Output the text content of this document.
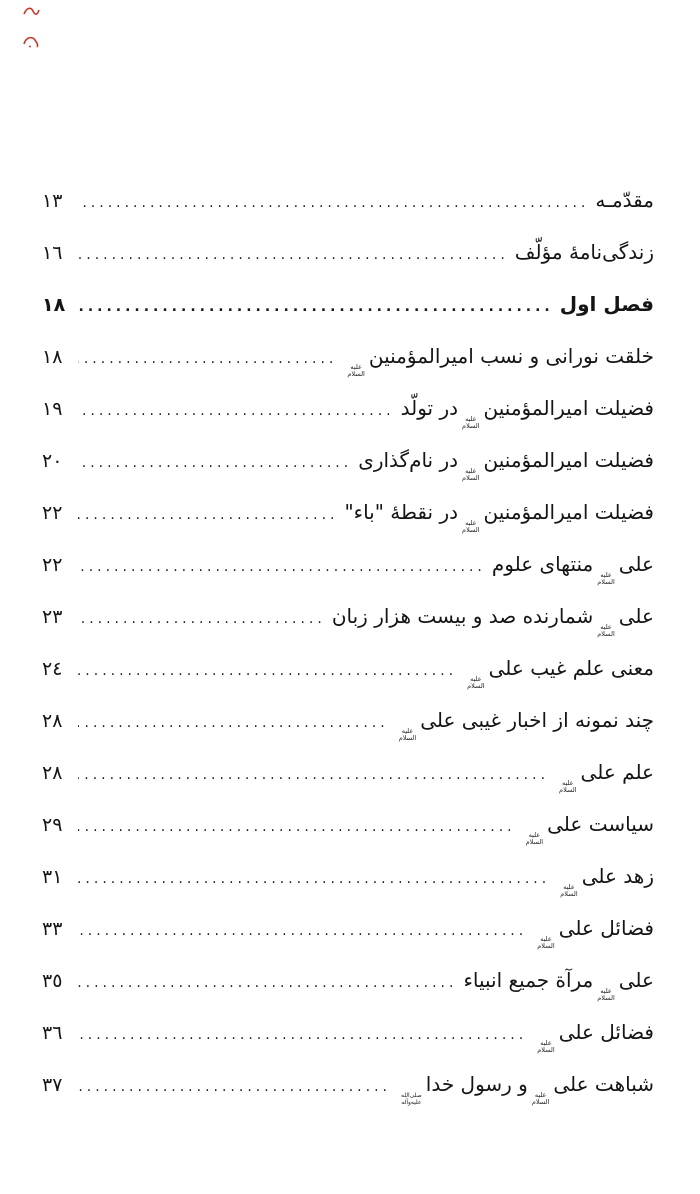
مقدّمـه
.....
١٣
زندگی‌نامهٔ مؤلّف
.....
١٦
فصل اول
.....
١٨
خلقت نورانی و نسب امیرالمؤمنین
علیه
السلام
.....
١٨
فضیلت امیرالمؤمنین
علیه
السلام
در تولّد
.....
١٩
فضیلت امیرالمؤمنین
علیه
السلام
در نام‌گذاری
.....
٢٠
فضیلت امیرالمؤمنین
علیه
السلام
در نقطهٔ "باء"
.....
٢٢
علی
علیه
السلام
منتهای علوم
.....
٢٢
علی
علیه
السلام
شمارنده صد و بیست هزار زبان
.....
٢٣
معنی علم غیب علی
علیه
السلام
.....
٢٤
چند نمونه از اخبار غیبی علی
علیه
السلام
.....
٢٨
علم علی
علیه
السلام
.....
٢٨
سیاست علی
علیه
السلام
.....
٢٩
زهد علی
علیه
السلام
.....
٣١
فضائل علی
علیه
السلام
.....
٣٣
علی
علیه
السلام
مرآة جمیع انبیاء
.....
٣٥
فضائل علی
علیه
السلام
.....
٣٦
شباهت علی
علیه
السلام
و رسول خدا
صلی‌الله
علیه‌وآله
.....
٣٧
